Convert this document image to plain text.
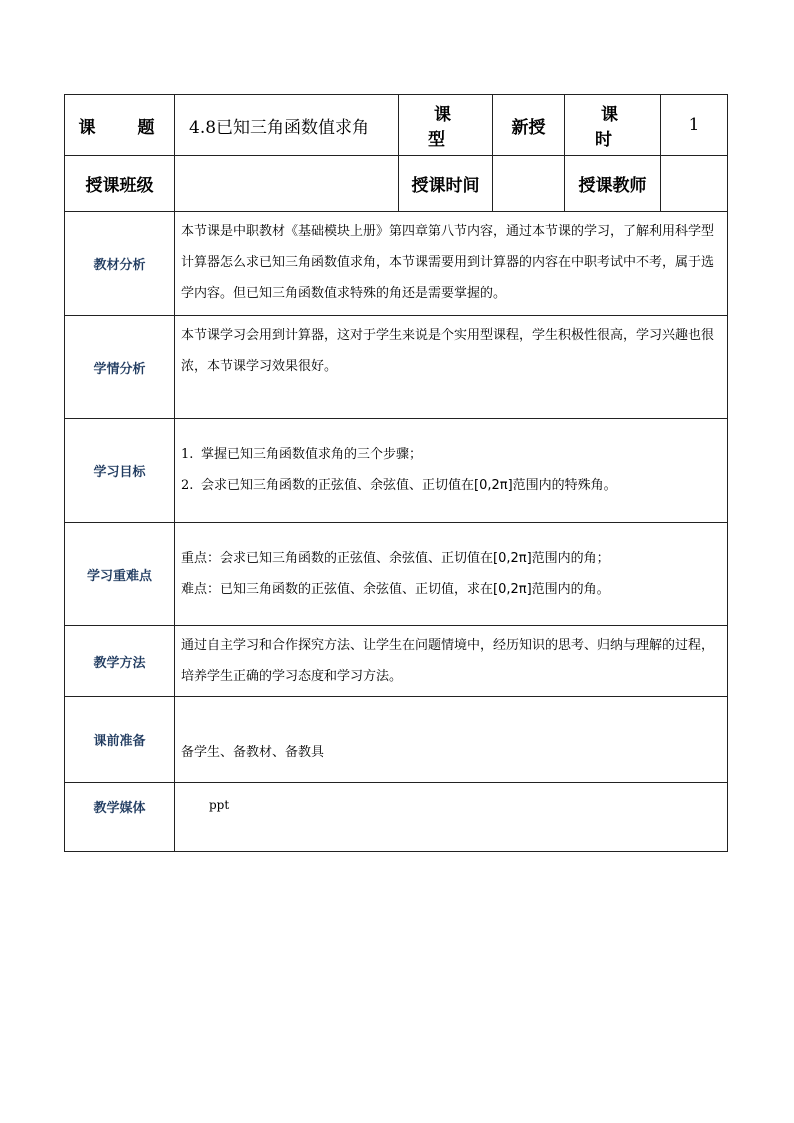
课 题	4.8已知三角函数值求角	课 型	新授	课 时	1
授课班级		授课时间		授课教师	
教材分析	本节课是中职教材《基础模块上册》第四章第八节内容，通过本节课的学习，了解利用科学型计算器怎么求已知三角函数值求角，本节课需要用到计算器的内容在中职考试中不考，属于选学内容。但已知三角函数值求特殊的角还是需要掌握的。				
学情分析	本节课学习会用到计算器，这对于学生来说是个实用型课程，学生积极性很高，学习兴趣也很浓，本节课学习效果很好。				
学习目标	1. 掌握已知三角函数值求角的三个步骤；
2. 会求已知三角函数的正弦值、余弦值、正切值在[0,2π]范围内的特殊角。				

学习重难点	重点：会求已知三角函数的正弦值、余弦值、正切值在[0,2π]范围内的角；

难点：已知三角函数的正弦值、余弦值、正切值，求在[0,2π]范围内的角。				

教学方法	通过自主学习和合作探究方法、让学生在问题情境中，经历知识的思考、归纳与理解的过程，培养学生正确的学习态度和学习方法。				
课前准备	备学生、备教材、备教具				
教学媒体	ppt				
